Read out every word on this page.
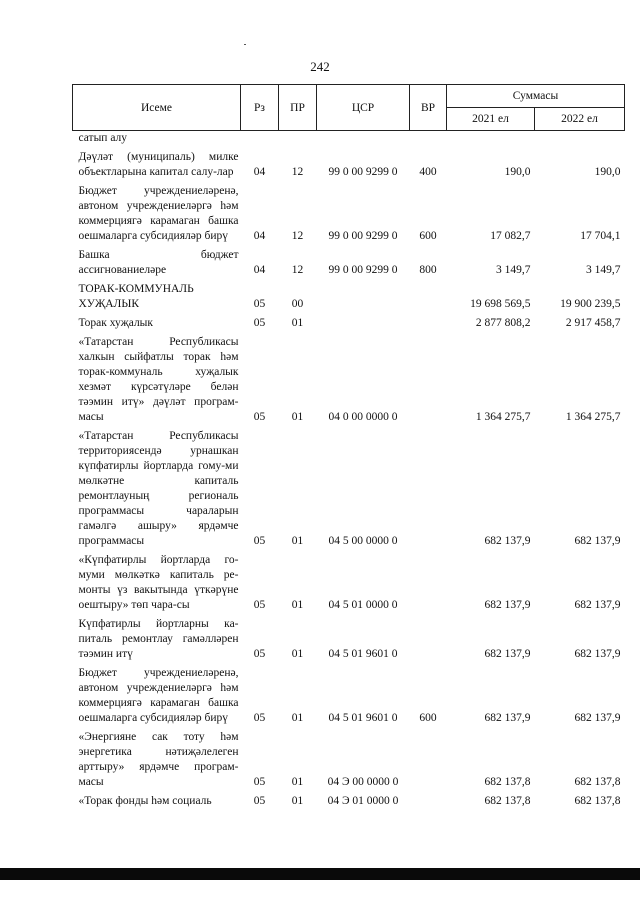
242
Исеме	Рз	ПР	ЦСР	ВР	Суммасы	
					2021 ел	2022 ел
сатып алу						
Дәүләт (муниципаль) милке объектларына капитал салу-лар	04	12	99 0 00 9299 0	400	190,0	190,0
Бюджет учреждениеләренә, автоном учреждениеләргә һәм коммерциягә карамаган башка оешмаларга субсидияләр бирү	04	12	99 0 00 9299 0	600	17 082,7	17 704,1
Башка бюджет ассигнованиеләре	04	12	99 0 00 9299 0	800	3 149,7	3 149,7
ТОРАК-КОММУНАЛЬ ХУҖАЛЫК	05	00			19 698 569,5	19 900 239,5
Торак хуҗалык	05	01			2 877 808,2	2 917 458,7
«Татарстан Республикасы халкын сыйфатлы торак һәм торак-коммуналь хуҗалык хезмәт күрсәтүләре белән тәэмин итү» дәүләт програм-масы	05	01	04 0 00 0000 0		1 364 275,7	1 364 275,7
«Татарстан Республикасы территориясендә урнашкан күпфатирлы йортларда гому-ми мөлкәтне капиталь ремонтлауның региональ программасы чараларын гамәлгә ашыру» ярдәмче программасы	05	01	04 5 00 0000 0		682 137,9	682 137,9
«Күпфатирлы йортларда го-муми мөлкәткә капиталь ре-монты үз вакытында үткәрүне оештыру» төп чара-сы	05	01	04 5 01 0000 0		682 137,9	682 137,9
Күпфатирлы йортларны ка-питаль ремонтлау гамәлләрен тәэмин итү	05	01	04 5 01 9601 0		682 137,9	682 137,9
Бюджет учреждениеләренә, автоном учреждениеләргә һәм коммерциягә карамаган башка оешмаларга субсидияләр бирү	05	01	04 5 01 9601 0	600	682 137,9	682 137,9
«Энергияне сак тоту һәм энергетика нәтиҗәлелеген арттыру» ярдәмче програм-масы	05	01	04 Э 00 0000 0		682 137,8	682 137,8
«Торак фонды һәм социаль	05	01	04 Э 01 0000 0		682 137,8	682 137,8
